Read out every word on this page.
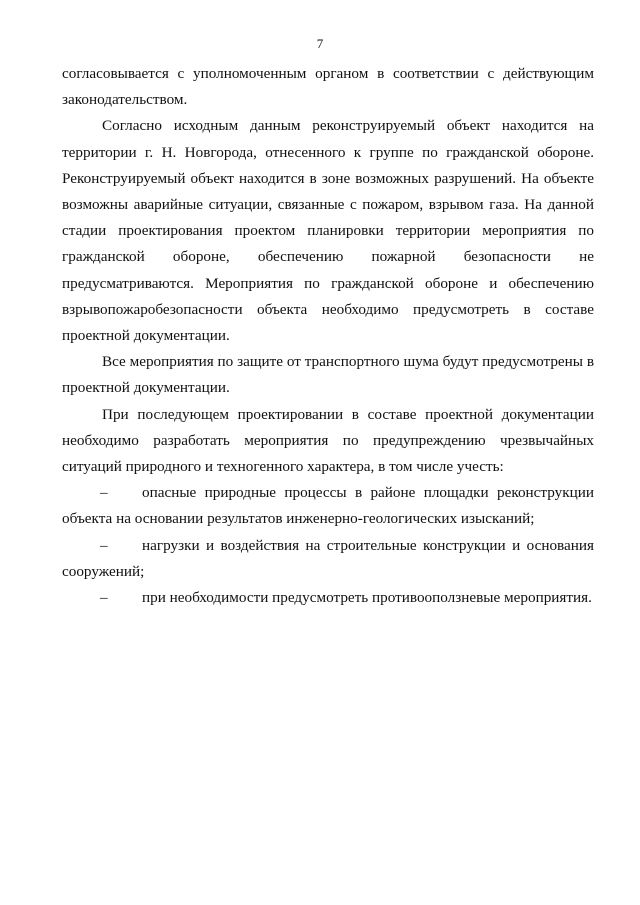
7

согласовывается с уполномоченным органом в соответствии с действующим законодательством.

Согласно исходным данным реконструируемый объект находится на территории г. Н. Новгорода, отнесенного к группе по гражданской обороне. Реконструируемый объект находится в зоне возможных разрушений. На объекте возможны аварийные ситуации, связанные с пожаром, взрывом газа. На данной стадии проектирования проектом планировки территории мероприятия по гражданской обороне, обеспечению пожарной безопасности не предусматриваются. Мероприятия по гражданской обороне и обеспечению взрывопожаробезопасности объекта необходимо предусмотреть в составе проектной документации.

Все мероприятия по защите от транспортного шума будут предусмотрены в проектной документации.

При последующем проектировании в составе проектной документации необходимо разработать мероприятия по предупреждению чрезвычайных ситуаций природного и техногенного характера, в том числе учесть:

– опасные природные процессы в районе площадки реконструкции объекта на основании результатов инженерно-геологических изысканий;

– нагрузки и воздействия на строительные конструкции и основания сооружений;

– при необходимости предусмотреть противооползневые мероприятия.
